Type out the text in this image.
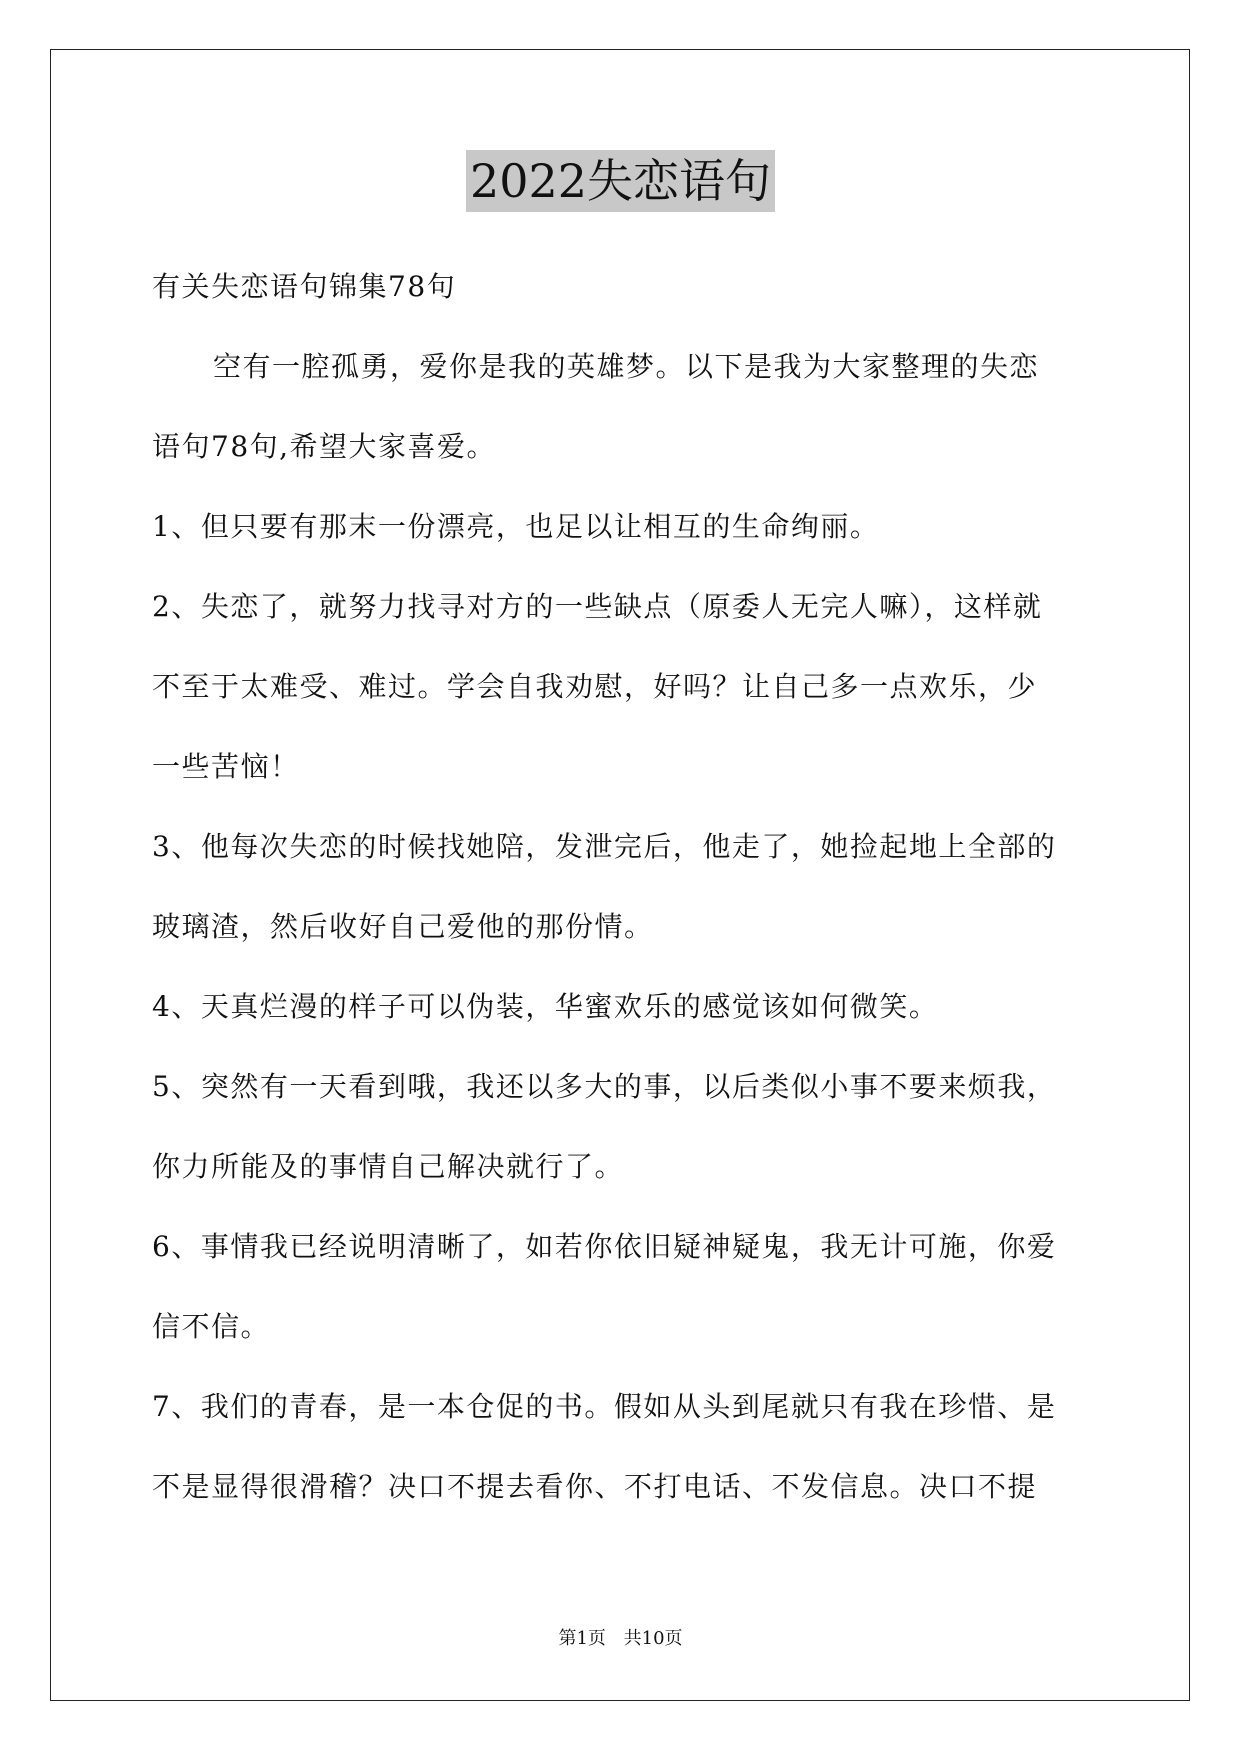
2022失恋语句
有关失恋语句锦集78句
空有一腔孤勇，爱你是我的英雄梦。以下是我为大家整理的失恋
语句78句,希望大家喜爱。
1、但只要有那末一份漂亮，也足以让相互的生命绚丽。
2、失恋了，就努力找寻对方的一些缺点（原委人无完人嘛），这样就
不至于太难受、难过。学会自我劝慰，好吗？让自己多一点欢乐，少
一些苦恼！
3、他每次失恋的时候找她陪，发泄完后，他走了，她捡起地上全部的
玻璃渣，然后收好自己爱他的那份情。
4、天真烂漫的样子可以伪装，华蜜欢乐的感觉该如何微笑。
5、突然有一天看到哦，我还以多大的事，以后类似小事不要来烦我，
你力所能及的事情自己解决就行了。
6、事情我已经说明清晰了，如若你依旧疑神疑鬼，我无计可施，你爱
信不信。
7、我们的青春，是一本仓促的书。假如从头到尾就只有我在珍惜、是
不是显得很滑稽？决口不提去看你、不打电话、不发信息。决口不提
第1页 共10页
